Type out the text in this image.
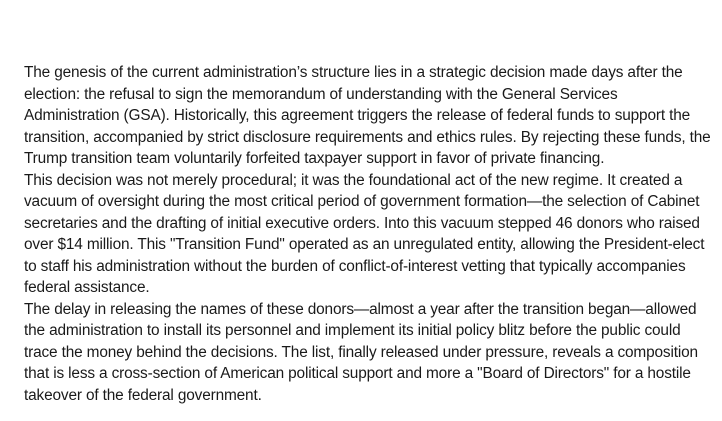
The genesis of the current administration’s structure lies in a strategic decision made days after the election: the refusal to sign the memorandum of understanding with the General Services Administration (GSA). Historically, this agreement triggers the release of federal funds to support the transition, accompanied by strict disclosure requirements and ethics rules. By rejecting these funds, the Trump transition team voluntarily forfeited taxpayer support in favor of private financing.

This decision was not merely procedural; it was the foundational act of the new regime. It created a vacuum of oversight during the most critical period of government formation—the selection of Cabinet secretaries and the drafting of initial executive orders. Into this vacuum stepped 46 donors who raised over $14 million. This "Transition Fund" operated as an unregulated entity, allowing the President-elect to staff his administration without the burden of conflict-of-interest vetting that typically accompanies federal assistance.

The delay in releasing the names of these donors—almost a year after the transition began—allowed the administration to install its personnel and implement its initial policy blitz before the public could trace the money behind the decisions. The list, finally released under pressure, reveals a composition that is less a cross-section of American political support and more a "Board of Directors" for a hostile takeover of the federal government.
